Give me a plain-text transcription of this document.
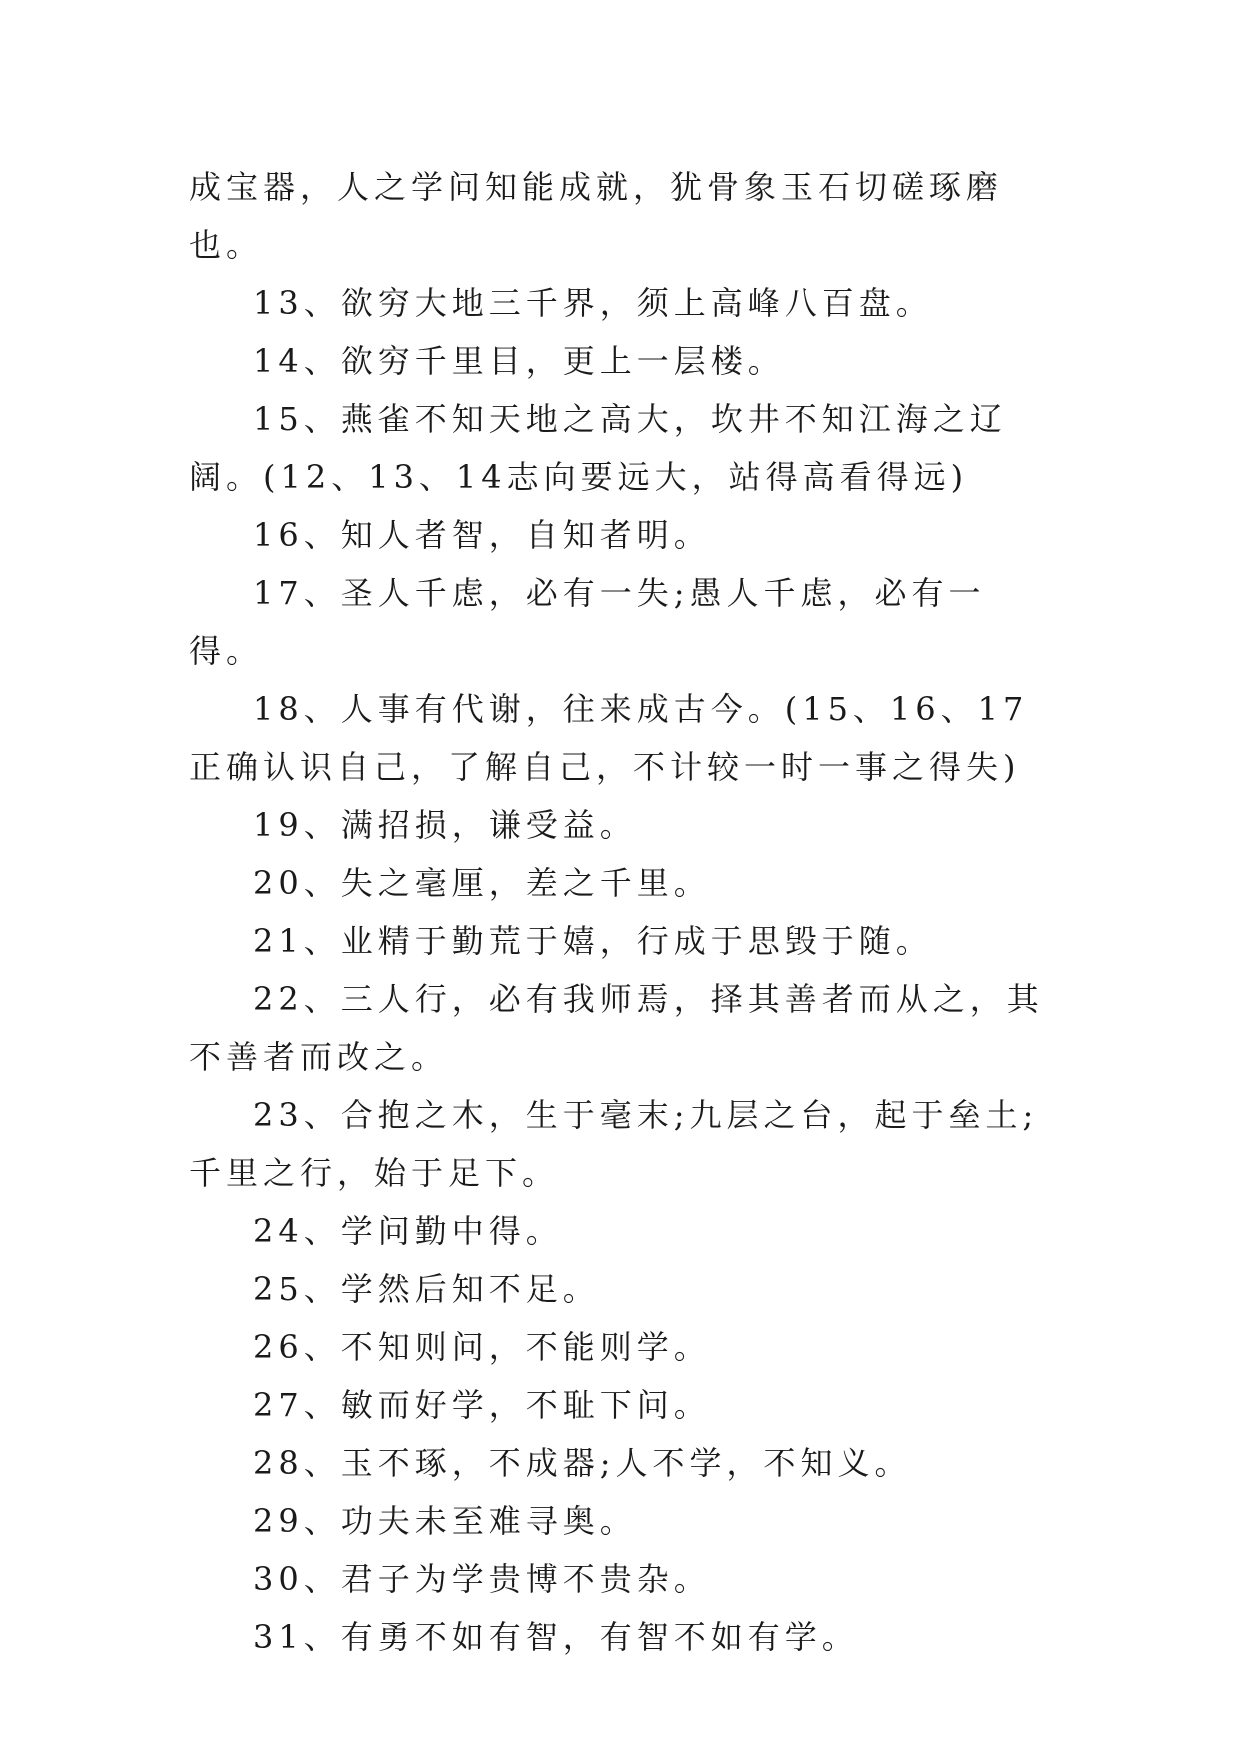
成宝器，人之学问知能成就，犹骨象玉石切磋琢磨也。

13、欲穷大地三千界，须上高峰八百盘。

14、欲穷千里目，更上一层楼。

15、燕雀不知天地之高大，坎井不知江海之辽阔。(12、13、14志向要远大，站得高看得远)

16、知人者智，自知者明。

17、圣人千虑，必有一失;愚人千虑，必有一得。

18、人事有代谢，往来成古今。(15、16、17正确认识自己，了解自己，不计较一时一事之得失)

19、满招损，谦受益。

20、失之毫厘，差之千里。

21、业精于勤荒于嬉，行成于思毁于随。

22、三人行，必有我师焉，择其善者而从之，其不善者而改之。

23、合抱之木，生于毫末;九层之台，起于垒土;千里之行，始于足下。

24、学问勤中得。

25、学然后知不足。

26、不知则问，不能则学。

27、敏而好学，不耻下问。

28、玉不琢，不成器;人不学，不知义。

29、功夫未至难寻奥。

30、君子为学贵博不贵杂。

31、有勇不如有智，有智不如有学。
